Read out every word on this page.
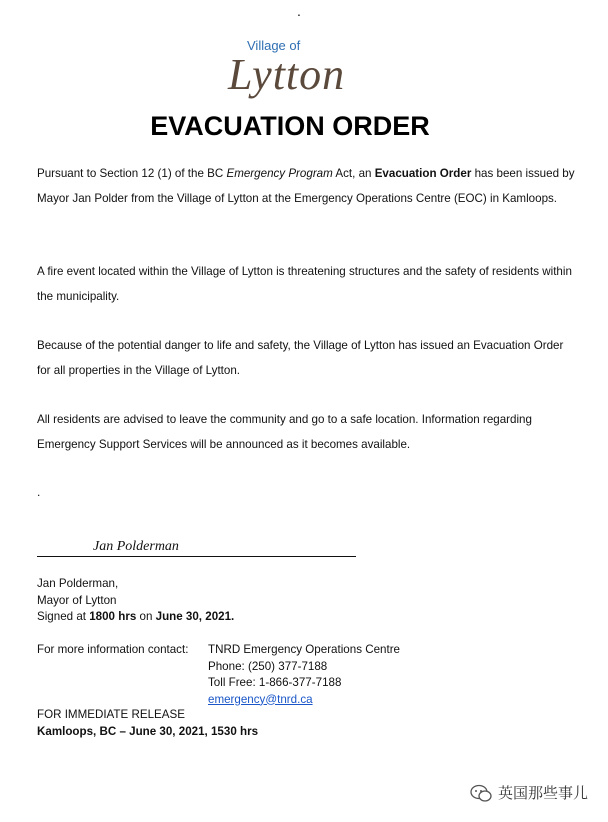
.
Village of
Lytton
EVACUATION ORDER
Pursuant to Section 12 (1) of the BC Emergency Program Act, an Evacuation Order has been issued by Mayor Jan Polder from the Village of Lytton at the Emergency Operations Centre (EOC) in Kamloops.
A fire event located within the Village of Lytton is threatening structures and the safety of residents within the municipality.
Because of the potential danger to life and safety, the Village of Lytton has issued an Evacuation Order for all properties in the Village of Lytton.
All residents are advised to leave the community and go to a safe location. Information regarding Emergency Support Services will be announced as it becomes available.
.
Jan Polderman
Jan Polderman,
Mayor of Lytton
Signed at 1800 hrs on June 30, 2021.
For more information contact:	TNRD Emergency Operations Centre
Phone: (250) 377-7188
Toll Free: 1-866-377-7188
emergency@tnrd.ca
FOR IMMEDIATE RELEASE
Kamloops, BC – June 30, 2021, 1530 hrs
英国那些事儿
